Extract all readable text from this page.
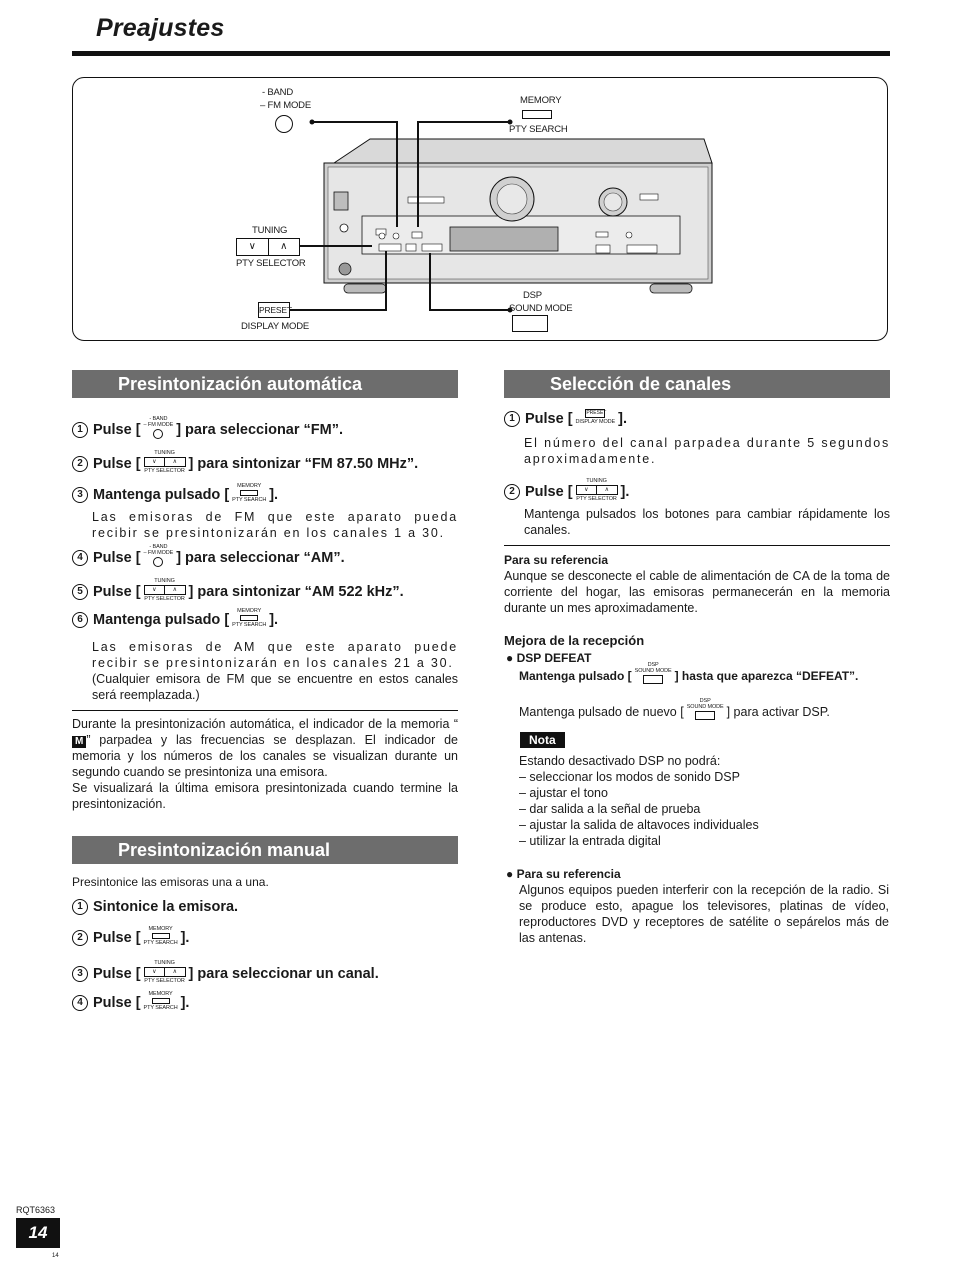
Preajustes
- BAND
– FM MODE	MEMORY
PTY SEARCH
TUNING
∨	∧
PTY SELECTOR
PRESET
DISPLAY MODE
DSP
SOUND MODE
Presintonización automática
1 Pulse [
- BAND
– FM MODE ] para seleccionar “FM”.
2 Pulse [
TUNING
∨	∧
PTY SELECTOR ] para sintonizar “FM 87.50 MHz”.
3 Mantenga pulsado [
MEMORY
PTY SEARCH ].
Las emisoras de FM que este aparato pueda recibir se presintonizarán en los canales 1 a 30.
4 Pulse [
- BAND
– FM MODE ] para seleccionar “AM”.
5 Pulse [
TUNING
∨	∧
PTY SELECTOR ] para sintonizar “AM 522 kHz”.
6 Mantenga pulsado [
MEMORY
PTY SEARCH ].
Las emisoras de AM que este aparato puede recibir se presintonizarán en los canales 21 a 30.
(Cualquier emisora de FM que se encuentre en estos canales será reemplazada.)
Durante la presintonización automática, el indicador de la memoria “M ” parpadea y las frecuencias se desplazan. El indicador de memoria y los números de los canales se visualizan durante un segundo cuando se presintoniza una emisora.
Se visualizará la última emisora presintonizada cuando termine la presintonización.
Presintonización manual
Presintonice las emisoras una a una.
1 Sintonice la emisora.
2 Pulse [
MEMORY
PTY SEARCH ].
3 Pulse [
TUNING
∨	∧
PTY SELECTOR ] para seleccionar un canal.
4 Pulse [
MEMORY
PTY SEARCH ].
Selección de canales
1 Pulse [	PRESET
DISPLAY MODE ].
El número del canal parpadea durante 5 segundos aproximadamente.
2 Pulse [
TUNING
∨	∧
PTY SELECTOR ].
Mantenga pulsados los botones para cambiar rápidamente los canales.
Para su referencia
Aunque se desconecte el cable de alimentación de CA de la toma de corriente del hogar, las emisoras permanecerán en la memoria durante un mes aproximadamente.
Mejora de la recepción
● DSP DEFEAT
Mantenga pulsado [
DSP
SOUND MODE ] hasta que aparezca “DEFEAT”.
Mantenga pulsado de nuevo [
DSP
SOUND MODE ] para activar DSP.
Nota
Estando desactivado DSP no podrá:
– seleccionar los modos de sonido DSP
– ajustar el tono
– dar salida a la señal de prueba
– ajustar la salida de altavoces individuales
– utilizar la entrada digital
● Para su referencia
Algunos equipos pueden interferir con la recepción de la radio. Si se produce esto, apague los televisores, platinas de vídeo, reproductores DVD y receptores de satélite o sepárelos más de las antenas.
RQT6363
14
14
